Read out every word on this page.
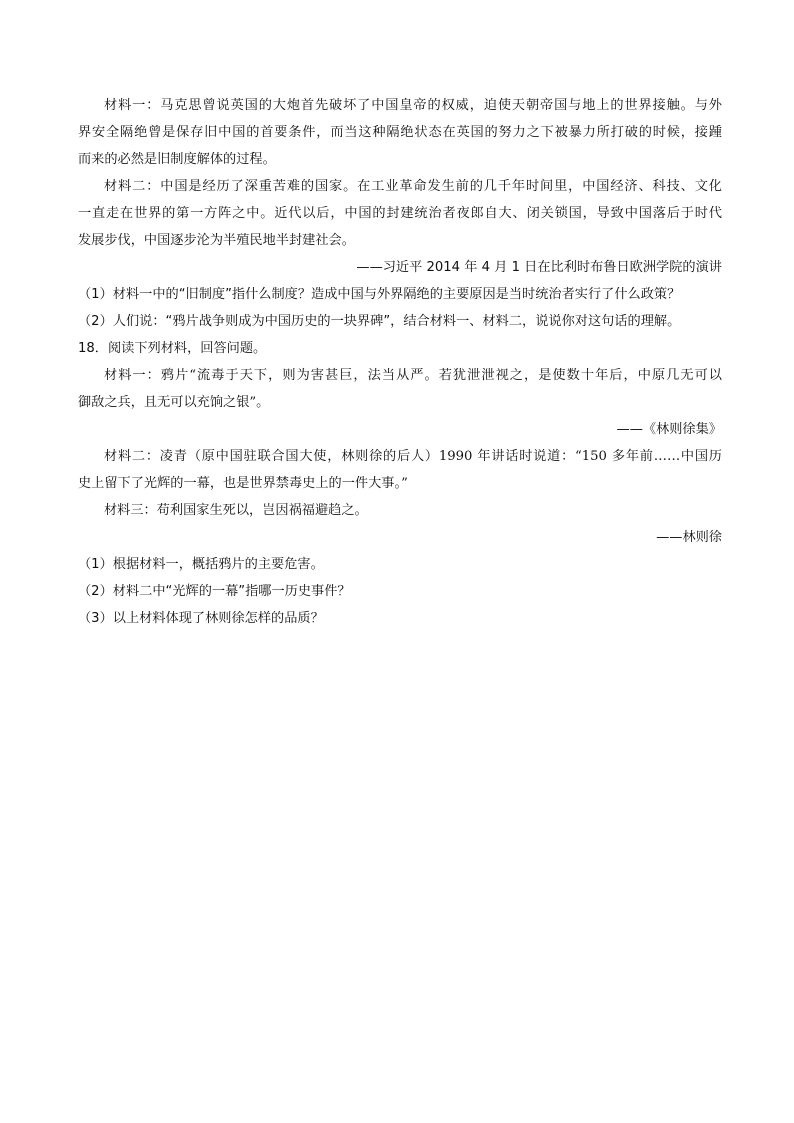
材料一：马克思曾说英国的大炮首先破坏了中国皇帝的权威，迫使天朝帝国与地上的世界接触。与外
界安全隔绝曾是保存旧中国的首要条件，而当这种隔绝状态在英国的努力之下被暴力所打破的时候，接踵
而来的必然是旧制度解体的过程。
材料二：中国是经历了深重苦难的国家。在工业革命发生前的几千年时间里，中国经济、科技、文化
一直走在世界的第一方阵之中。近代以后，中国的封建统治者夜郎自大、闭关锁国，导致中国落后于时代
发展步伐，中国逐步沦为半殖民地半封建社会。
——习近平 2014 年 4 月 1 日在比利时布鲁日欧洲学院的演讲
（1）材料一中的“旧制度”指什么制度？造成中国与外界隔绝的主要原因是当时统治者实行了什么政策？
（2）人们说：“鸦片战争则成为中国历史的一块界碑”，结合材料一、材料二，说说你对这句话的理解。
18．阅读下列材料，回答问题。
材料一：鸦片“流毒于天下，则为害甚巨，法当从严。若犹泄泄视之，是使数十年后，中原几无可以
御敌之兵，且无可以充饷之银”。
——《林则徐集》
材料二：凌青（原中国驻联合国大使，林则徐的后人）1990 年讲话时说道：“150 多年前……中国历
史上留下了光辉的一幕，也是世界禁毒史上的一件大事。”
材料三：苟利国家生死以，岂因祸福避趋之。
——林则徐
（1）根据材料一，概括鸦片的主要危害。
（2）材料二中“光辉的一幕”指哪一历史事件？
（3）以上材料体现了林则徐怎样的品质？
